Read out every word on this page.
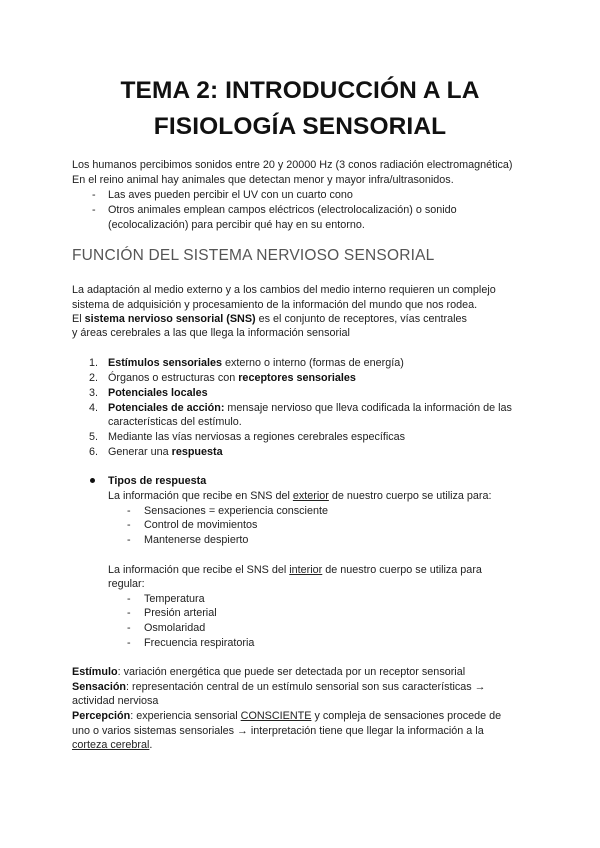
TEMA 2: INTRODUCCIÓN A LA
FISIOLOGÍA SENSORIAL
Los humanos percibimos sonidos entre 20 y 20000 Hz (3 conos radiación electromagnética)
En el reino animal hay animales que detectan menor y mayor infra/ultrasonidos.
- Las aves pueden percibir el UV con un cuarto cono
- Otros animales emplean campos eléctricos (electrolocalización) o sonido
(ecolocalización) para percibir qué hay en su entorno.
FUNCIÓN DEL SISTEMA NERVIOSO SENSORIAL
La adaptación al medio externo y a los cambios del medio interno requieren un complejo
sistema de adquisición y procesamiento de la información del mundo que nos rodea.
El sistema nervioso sensorial (SNS) es el conjunto de receptores, vías centrales
y áreas cerebrales a las que llega la información sensorial
1. Estímulos sensoriales externo o interno (formas de energía)
2. Órganos o estructuras con receptores sensoriales
3. Potenciales locales
4. Potenciales de acción: mensaje nervioso que lleva codificada la información de las
características del estímulo.
5. Mediante las vías nerviosas a regiones cerebrales específicas
6. Generar una respuesta
Tipos de respuesta
La información que recibe en SNS del exterior de nuestro cuerpo se utiliza para:
- Sensaciones = experiencia consciente
- Control de movimientos
- Mantenerse despierto
La información que recibe el SNS del interior de nuestro cuerpo se utiliza para
regular:
- Temperatura
- Presión arterial
- Osmolaridad
- Frecuencia respiratoria
Estímulo: variación energética que puede ser detectada por un receptor sensorial
Sensación: representación central de un estímulo sensorial son sus características →
actividad nerviosa
Percepción: experiencia sensorial CONSCIENTE y compleja de sensaciones procede de
uno o varios sistemas sensoriales → interpretación tiene que llegar la información a la
corteza cerebral.
